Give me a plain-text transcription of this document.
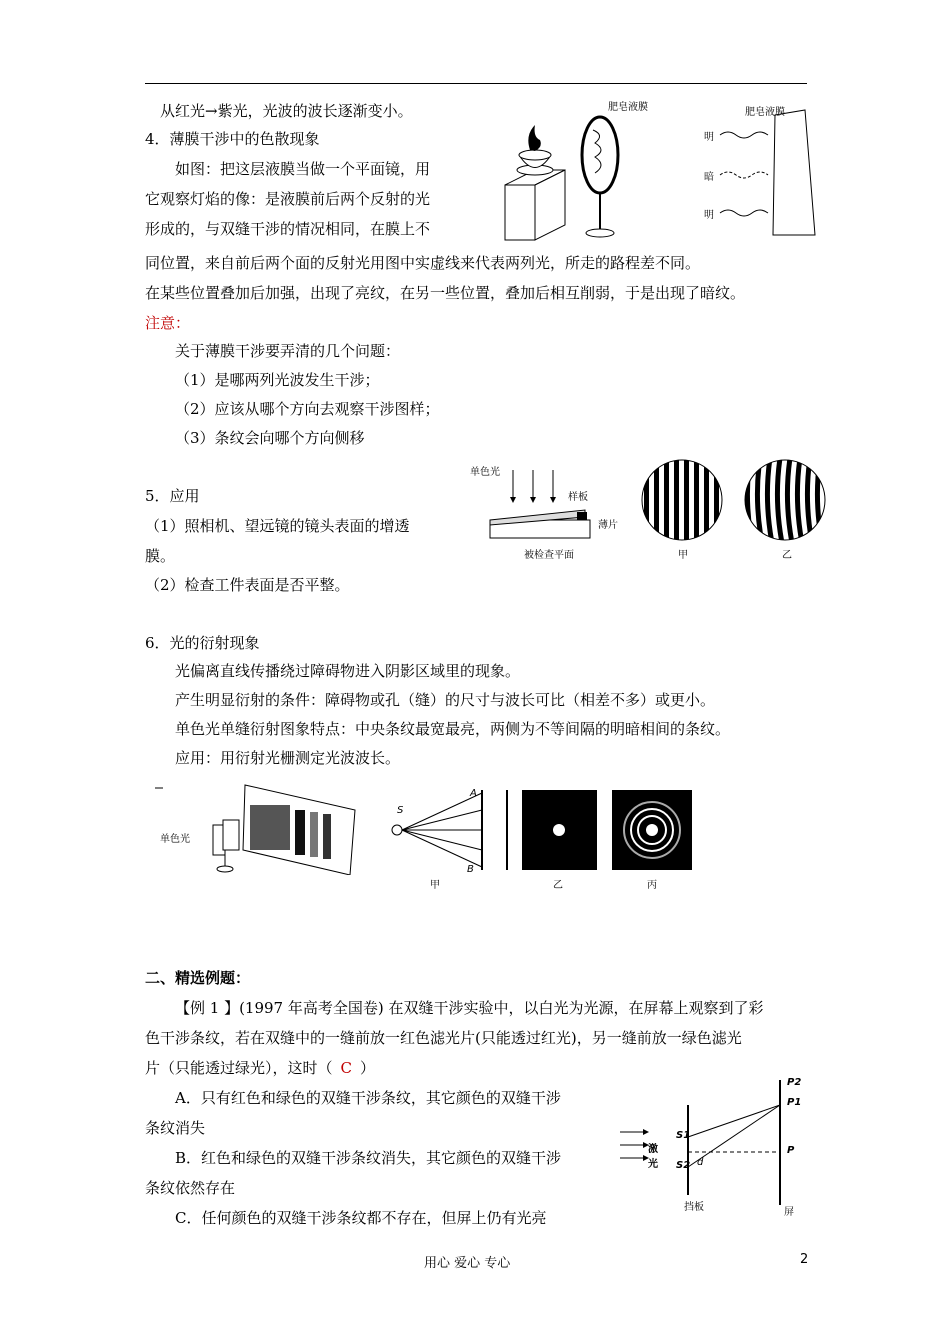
从红光→紫光，光波的波长逐渐变小。
4．薄膜干涉中的色散现象
如图：把这层液膜当做一个平面镜，用
它观察灯焰的像：是液膜前后两个反射的光
形成的，与双缝干涉的情况相同，在膜上不
同位置，来自前后两个面的反射光用图中实虚线来代表两列光，所走的路程差不同。
在某些位置叠加后加强，出现了亮纹，在另一些位置，叠加后相互削弱，于是出现了暗纹。
注意：
关于薄膜干涉要弄清的几个问题：
（1）是哪两列光波发生干涉；
（2）应该从哪个方向去观察干涉图样；
（3）条纹会向哪个方向侧移
5．应用
（1）照相机、望远镜的镜头表面的增透
膜。
（2）检查工件表面是否平整。
6．光的衍射现象
光偏离直线传播绕过障碍物进入阴影区域里的现象。
产生明显衍射的条件：障碍物或孔（缝）的尺寸与波长可比（相差不多）或更小。
单色光单缝衍射图象特点：中央条纹最宽最亮，两侧为不等间隔的明暗相间的条纹。
应用：用衍射光栅测定光波波长。
二、精选例题：
【例 1 】(1997 年高考全国卷) 在双缝干涉实验中，以白光为光源，在屏幕上观察到了彩
色干涉条纹，若在双缝中的一缝前放一红色滤光片(只能透过红光)，另一缝前放一绿色滤光
片（只能透过绿光），这时（ C ）
A．只有红色和绿色的双缝干涉条纹，其它颜色的双缝干涉
条纹消失
B．红色和绿色的双缝干涉条纹消失，其它颜色的双缝干涉
条纹依然存在
C．任何颜色的双缝干涉条纹都不存在，但屏上仍有光亮
肥皂液膜	肥皂液膜
明
暗
明
单色光
样板
薄片
被检查平面	甲	乙
单色光
S
A
B
甲	乙	丙
P2
P1
P
S1
S2 d
激光
挡板	屏
用心 爱心 专心	2
